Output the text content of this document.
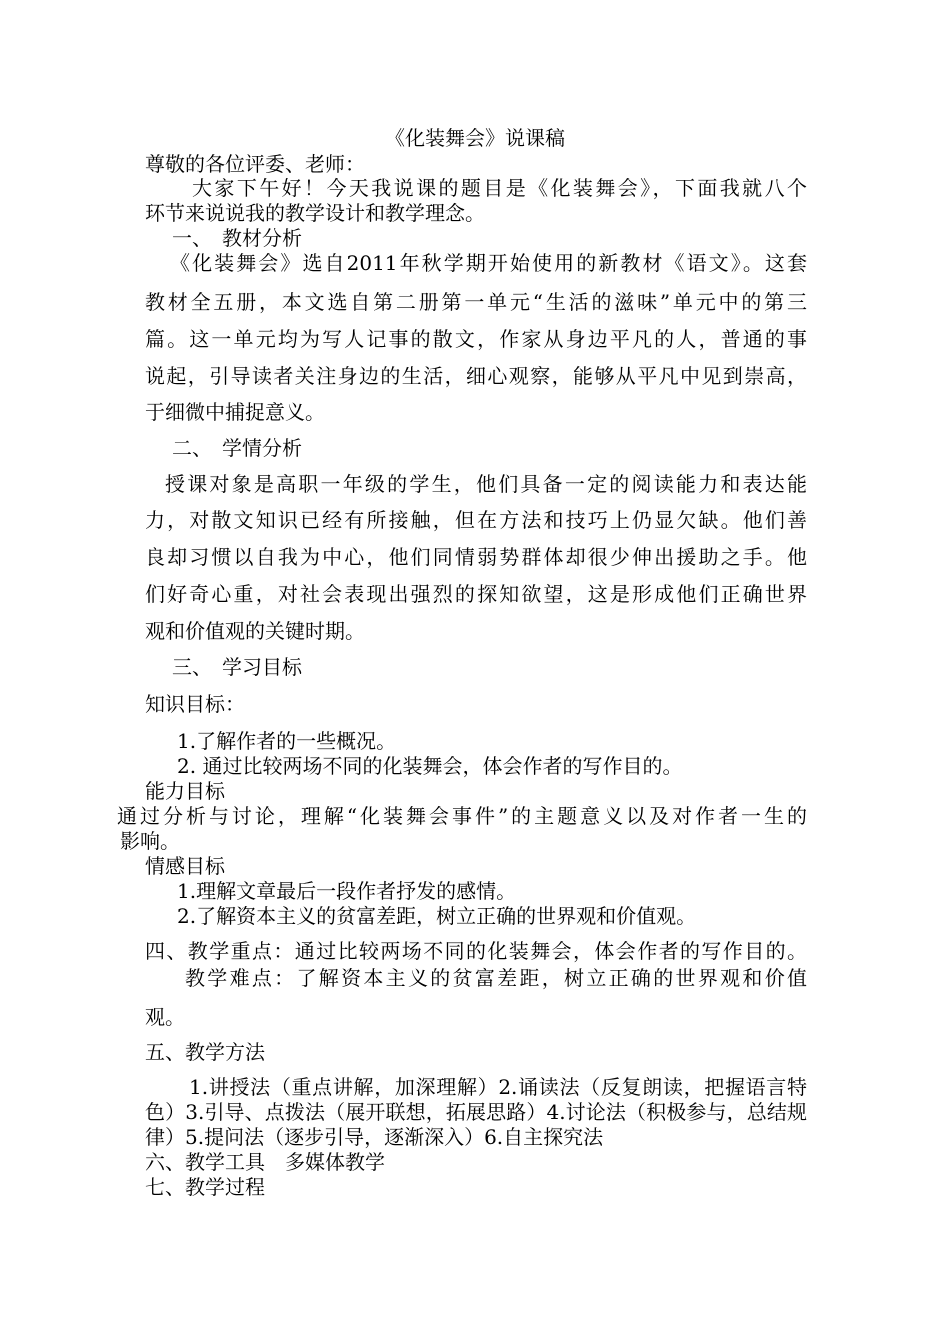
《化装舞会》说课稿
尊敬的各位评委、老师：
大家下午好！今天我说课的题目是《化装舞会》，下面我就八个
环节来说说我的教学设计和教学理念。
一、　教材分析
《化装舞会》选自2011年秋学期开始使用的新教材《语文》。这套
教材全五册，本文选自第二册第一单元“生活的滋味”单元中的第三
篇。这一单元均为写人记事的散文，作家从身边平凡的人，普通的事
说起，引导读者关注身边的生活，细心观察，能够从平凡中见到崇高，
于细微中捕捉意义。
二、　学情分析
授课对象是高职一年级的学生，他们具备一定的阅读能力和表达能
力，对散文知识已经有所接触，但在方法和技巧上仍显欠缺。他们善
良却习惯以自我为中心，他们同情弱势群体却很少伸出援助之手。他
们好奇心重，对社会表现出强烈的探知欲望，这是形成他们正确世界
观和价值观的关键时期。
三、　学习目标
知识目标：
1.了解作者的一些概况。
2. 通过比较两场不同的化装舞会，体会作者的写作目的。
能力目标
通过分析与讨论，理解“化装舞会事件”的主题意义以及对作者一生的
影响。
情感目标
1.理解文章最后一段作者抒发的感情。
2.了解资本主义的贫富差距，树立正确的世界观和价值观。
四、教学重点：通过比较两场不同的化装舞会，体会作者的写作目的。
教学难点：了解资本主义的贫富差距，树立正确的世界观和价值
观。
五、教学方法
1.讲授法（重点讲解，加深理解）2.诵读法（反复朗读，把握语言特
色）3.引导、点拨法（展开联想，拓展思路）4.讨论法（积极参与，总结规
律）5.提问法（逐步引导，逐渐深入）6.自主探究法
六、教学工具　多媒体教学
七、教学过程
